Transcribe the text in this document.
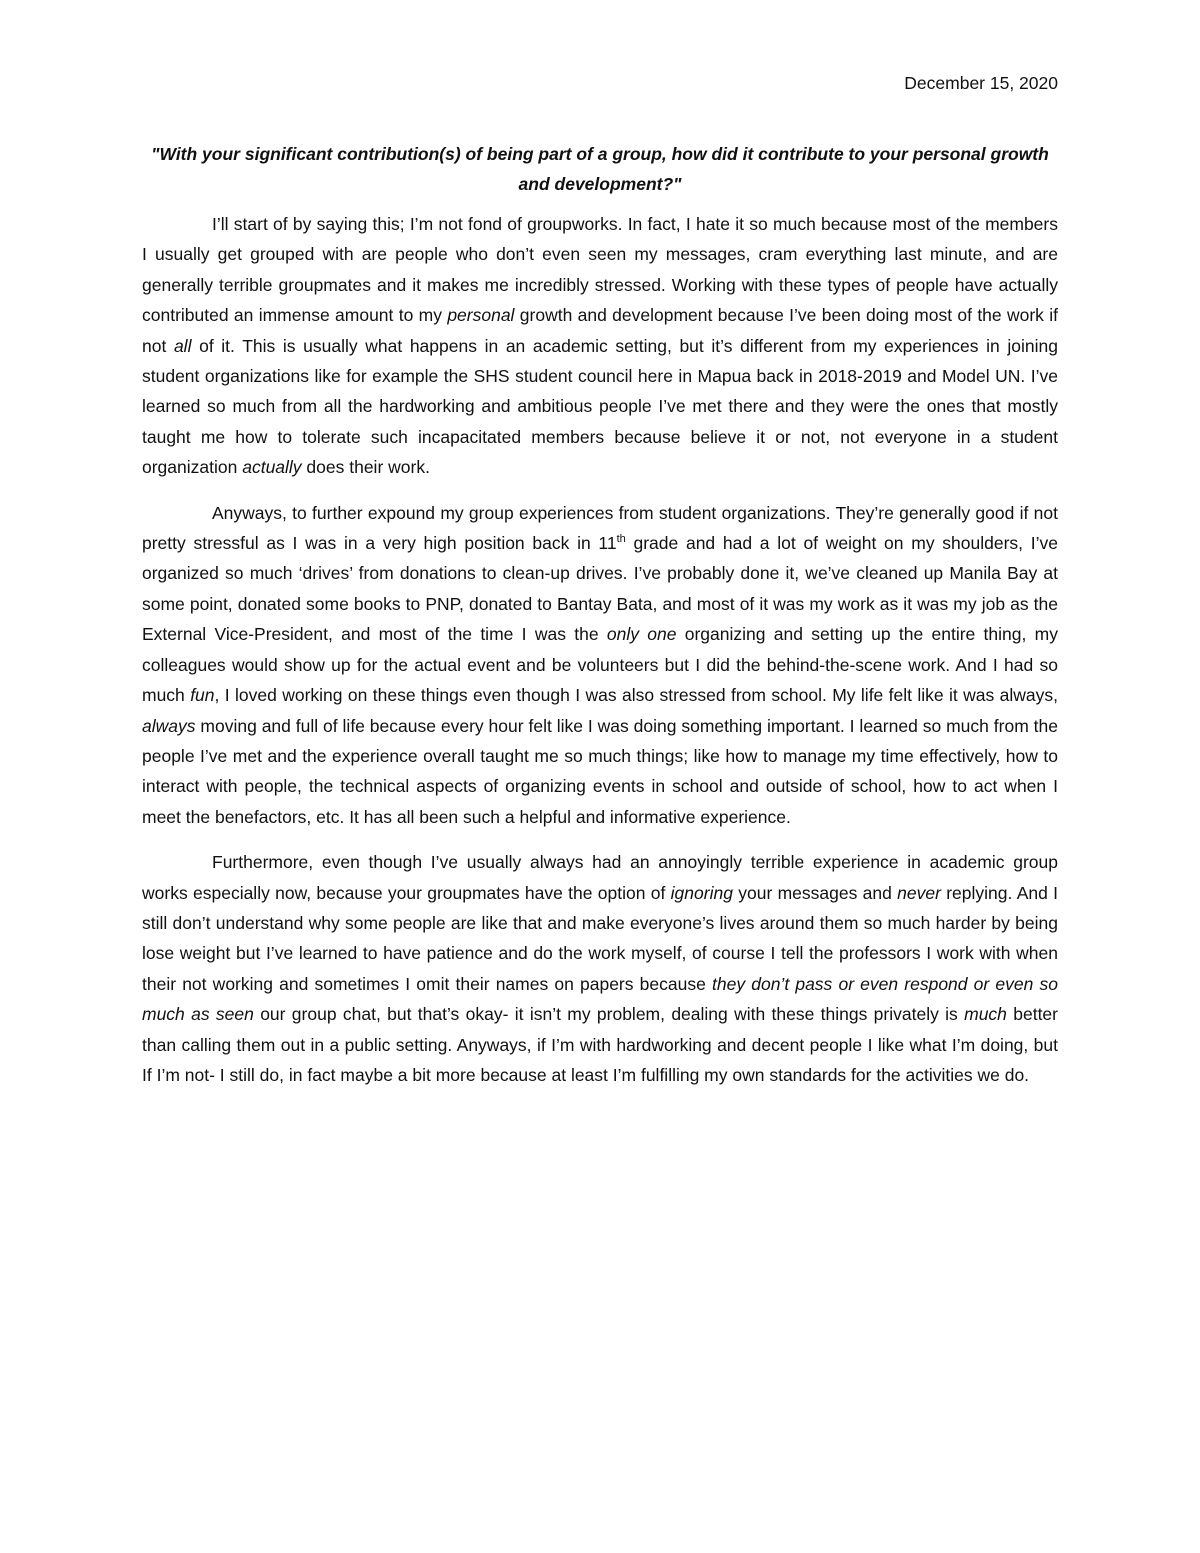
December 15, 2020

"With your significant contribution(s) of being part of a group, how did it contribute to your personal growth and development?"

I’ll start of by saying this; I’m not fond of groupworks. In fact, I hate it so much because most of the members I usually get grouped with are people who don’t even seen my messages, cram everything last minute, and are generally terrible groupmates and it makes me incredibly stressed. Working with these types of people have actually contributed an immense amount to my personal growth and development because I’ve been doing most of the work if not all of it. This is usually what happens in an academic setting, but it’s different from my experiences in joining student organizations like for example the SHS student council here in Mapua back in 2018-2019 and Model UN. I’ve learned so much from all the hardworking and ambitious people I’ve met there and they were the ones that mostly taught me how to tolerate such incapacitated members because believe it or not, not everyone in a student organization actually does their work.

Anyways, to further expound my group experiences from student organizations. They’re generally good if not pretty stressful as I was in a very high position back in 11th grade and had a lot of weight on my shoulders, I’ve organized so much ‘drives’ from donations to clean-up drives. I’ve probably done it, we’ve cleaned up Manila Bay at some point, donated some books to PNP, donated to Bantay Bata, and most of it was my work as it was my job as the External Vice-President, and most of the time I was the only one organizing and setting up the entire thing, my colleagues would show up for the actual event and be volunteers but I did the behind-the-scene work. And I had so much fun, I loved working on these things even though I was also stressed from school. My life felt like it was always, always moving and full of life because every hour felt like I was doing something important. I learned so much from the people I’ve met and the experience overall taught me so much things; like how to manage my time effectively, how to interact with people, the technical aspects of organizing events in school and outside of school, how to act when I meet the benefactors, etc. It has all been such a helpful and informative experience.

Furthermore, even though I’ve usually always had an annoyingly terrible experience in academic group works especially now, because your groupmates have the option of ignoring your messages and never replying. And I still don’t understand why some people are like that and make everyone’s lives around them so much harder by being lose weight but I’ve learned to have patience and do the work myself, of course I tell the professors I work with when their not working and sometimes I omit their names on papers because they don’t pass or even respond or even so much as seen our group chat, but that’s okay- it isn’t my problem, dealing with these things privately is much better than calling them out in a public setting. Anyways, if I’m with hardworking and decent people I like what I’m doing, but If I’m not- I still do, in fact maybe a bit more because at least I’m fulfilling my own standards for the activities we do.
